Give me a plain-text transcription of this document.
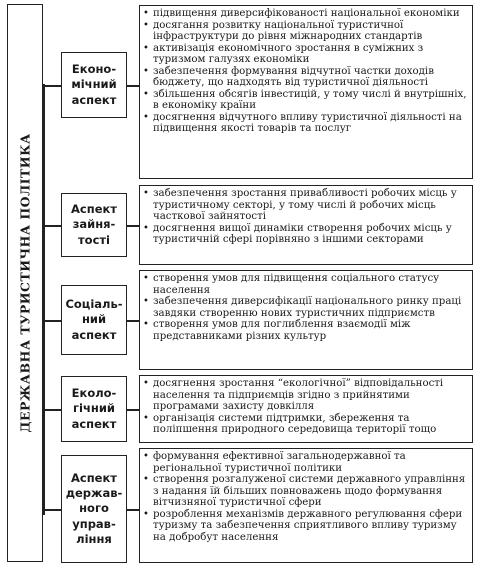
ДЕРЖАВНА ТУРИСТИЧНА ПОЛІТИКА
Еконо-
мічний
аспект
• підвищення диверсифікованості національної економіки
• досягання розвитку національної туристичної інфраструктури до рівня міжнародних стандартів
• активізація економічного зростання в суміжних з туризмом галузях економіки
• забезпечення формування відчутної частки доходів бюджету, що надходять від туристичної діяльності
• збільшення обсягів інвестицій, у тому числі й внутрішніх, в економіку країни
• досягнення відчутного впливу туристичної діяльності на підвищення якості товарів та послуг
Аспект
зайня-
тості
• забезпечення зростання привабливості робочих місць у туристичному секторі, у тому числі й робочих місць часткової зайнятості
• досягнення вищої динаміки створення робочих місць у туристичній сфері порівняно з іншими секторами
Соціаль-
ний
аспект
• створення умов для підвищення соціального статусу населення
• забезпечення диверсифікації національного ринку праці завдяки створенню нових туристичних підприємств
• створення умов для поглиблення взаємодії між представниками різних культур
Еколо-
гічний
аспект
• досягнення зростання “екологічної” відповідальності населення та підприємців згідно з прийнятими програмами захисту довкілля
• організація системи підтримки, збереження та поліпшення природного середовища території тощо
Аспект
держав-
ного
управ-
ління
• формування ефективної загальнодержавної та регіональної туристичної політики
• створення розгалуженої системи державного управління з надання їй більших повноважень щодо формування вітчизняної туристичної сфери
• розроблення механізмів державного регулювання сфери туризму та забезпечення сприятливого впливу туризму на добробут населення
